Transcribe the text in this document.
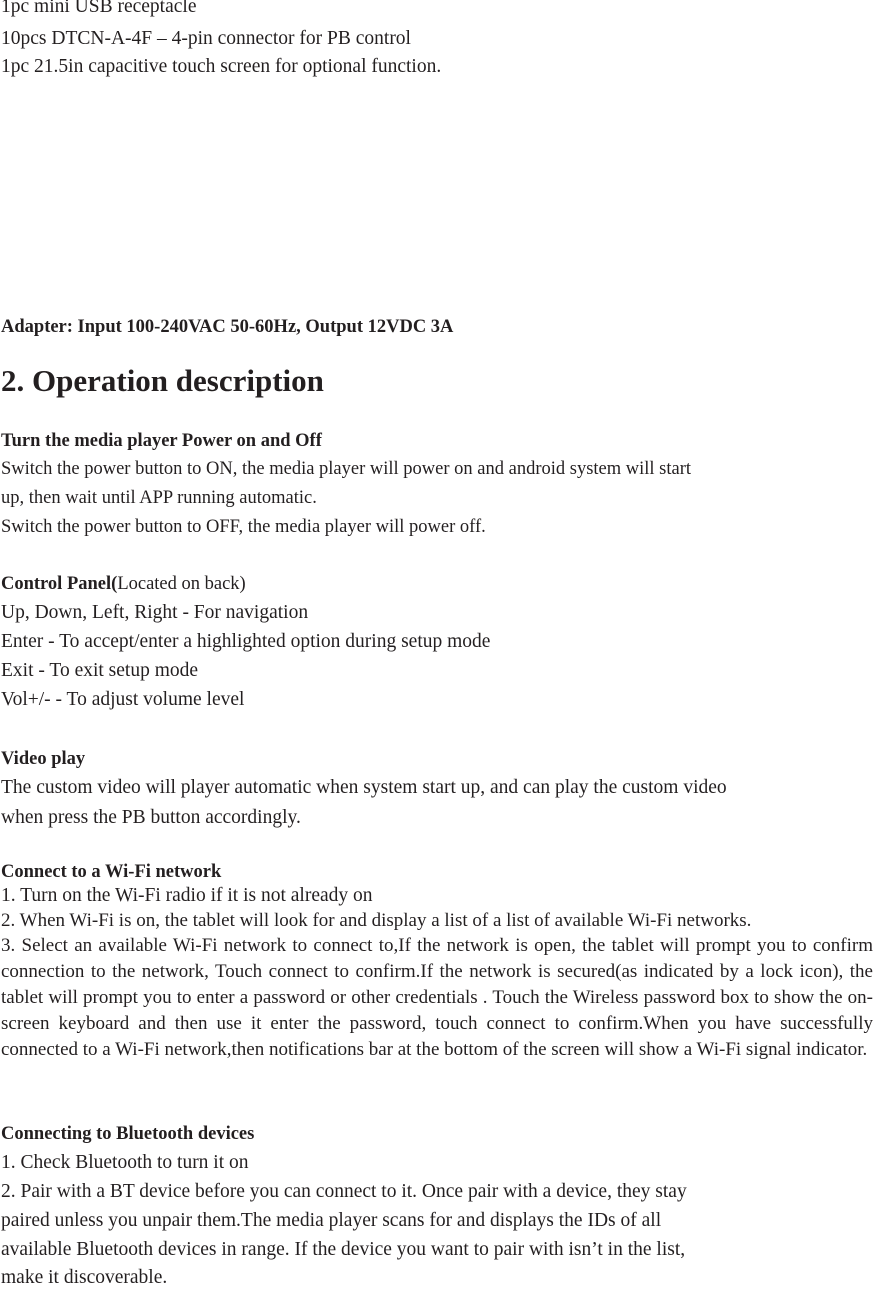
1pc mini USB receptacle
10pcs DTCN-A-4F – 4-pin connector for PB control
1pc 21.5in capacitive touch screen for optional function.
Adapter: Input 100-240VAC 50-60Hz, Output 12VDC 3A
2. Operation description
Turn the media player Power on and Off
Switch the power button to ON, the media player will power on and android system will start
up, then wait until APP running automatic.
Switch the power button to OFF, the media player will power off.
Control Panel(Located on back)
Up, Down, Left, Right - For navigation
Enter - To accept/enter a highlighted option during setup mode
Exit - To exit setup mode
Vol+/- - To adjust volume level
Video play
The custom video will player automatic when system start up, and can play the custom video
when press the PB button accordingly.
Connect to a Wi-Fi network
1. Turn on the Wi-Fi radio if it is not already on
2. When Wi-Fi is on, the tablet will look for and display a list of a list of available Wi-Fi networks.
3. Select an available Wi-Fi network to connect to,If the network is open, the tablet will prompt you to confirm connection to the network, Touch connect to confirm.If the network is secured(as indicated by a lock icon), the tablet will prompt you to enter a password or other credentials . Touch the Wireless password box to show the on-screen keyboard and then use it enter the password, touch connect to confirm.When you have successfully connected to a Wi-Fi network,then notifications bar at the bottom of the screen will show a Wi-Fi signal indicator.
Connecting to Bluetooth devices
1. Check Bluetooth to turn it on
2. Pair with a BT device before you can connect to it. Once pair with a device, they stay
paired unless you unpair them.The media player scans for and displays the IDs of all
available Bluetooth devices in range. If the device you want to pair with isn’t in the list,
make it discoverable.
